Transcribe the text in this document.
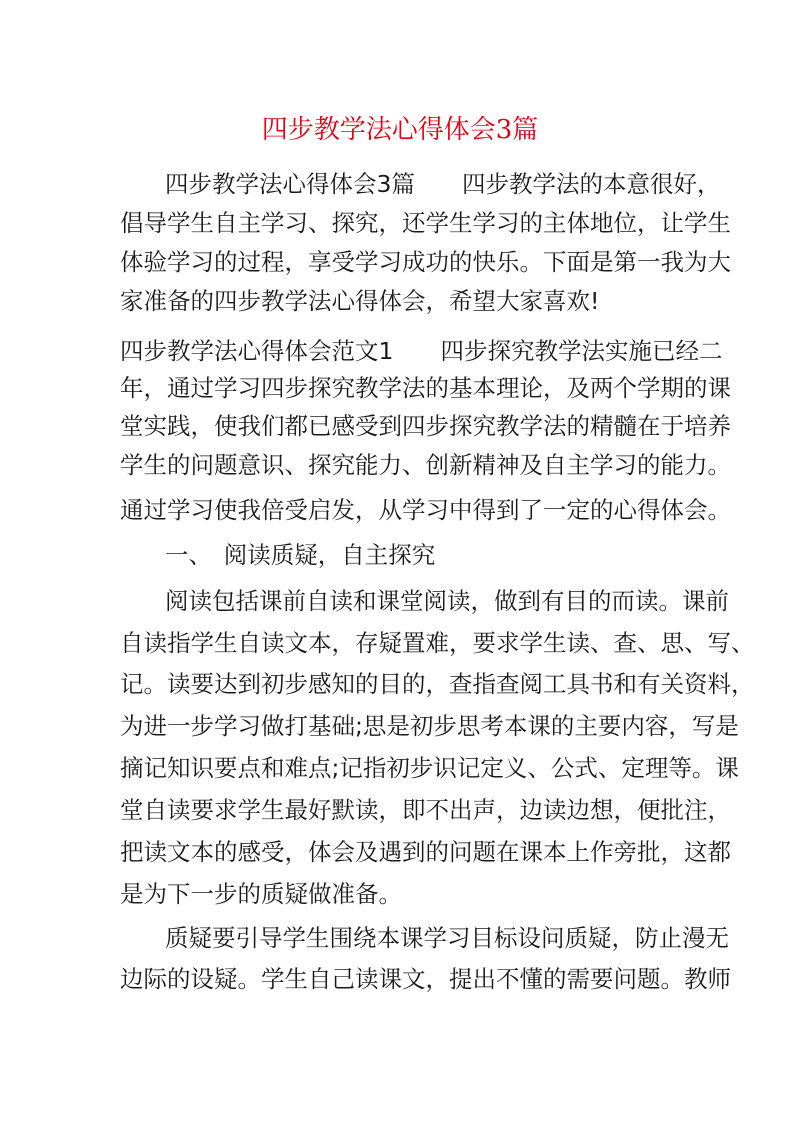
四步教学法心得体会3篇
四步教学法心得体会3篇　　四步教学法的本意很好，
倡导学生自主学习、探究，还学生学习的主体地位，让学生
体验学习的过程，享受学习成功的快乐。下面是第一我为大
家准备的四步教学法心得体会，希望大家喜欢!
四步教学法心得体会范文1　　四步探究教学法实施已经二
年，通过学习四步探究教学法的基本理论，及两个学期的课
堂实践，使我们都已感受到四步探究教学法的精髓在于培养
学生的问题意识、探究能力、创新精神及自主学习的能力。
通过学习使我倍受启发，从学习中得到了一定的心得体会。
一、　阅读质疑，自主探究
阅读包括课前自读和课堂阅读，做到有目的而读。课前
自读指学生自读文本，存疑置难，要求学生读、查、思、写、
记。读要达到初步感知的目的，查指查阅工具书和有关资料，
为进一步学习做打基础;思是初步思考本课的主要内容，写是
摘记知识要点和难点;记指初步识记定义、公式、定理等。课
堂自读要求学生最好默读，即不出声，边读边想，便批注，
把读文本的感受，体会及遇到的问题在课本上作旁批，这都
是为下一步的质疑做准备。
质疑要引导学生围绕本课学习目标设问质疑，防止漫无
边际的设疑。学生自己读课文，提出不懂的需要问题。教师
